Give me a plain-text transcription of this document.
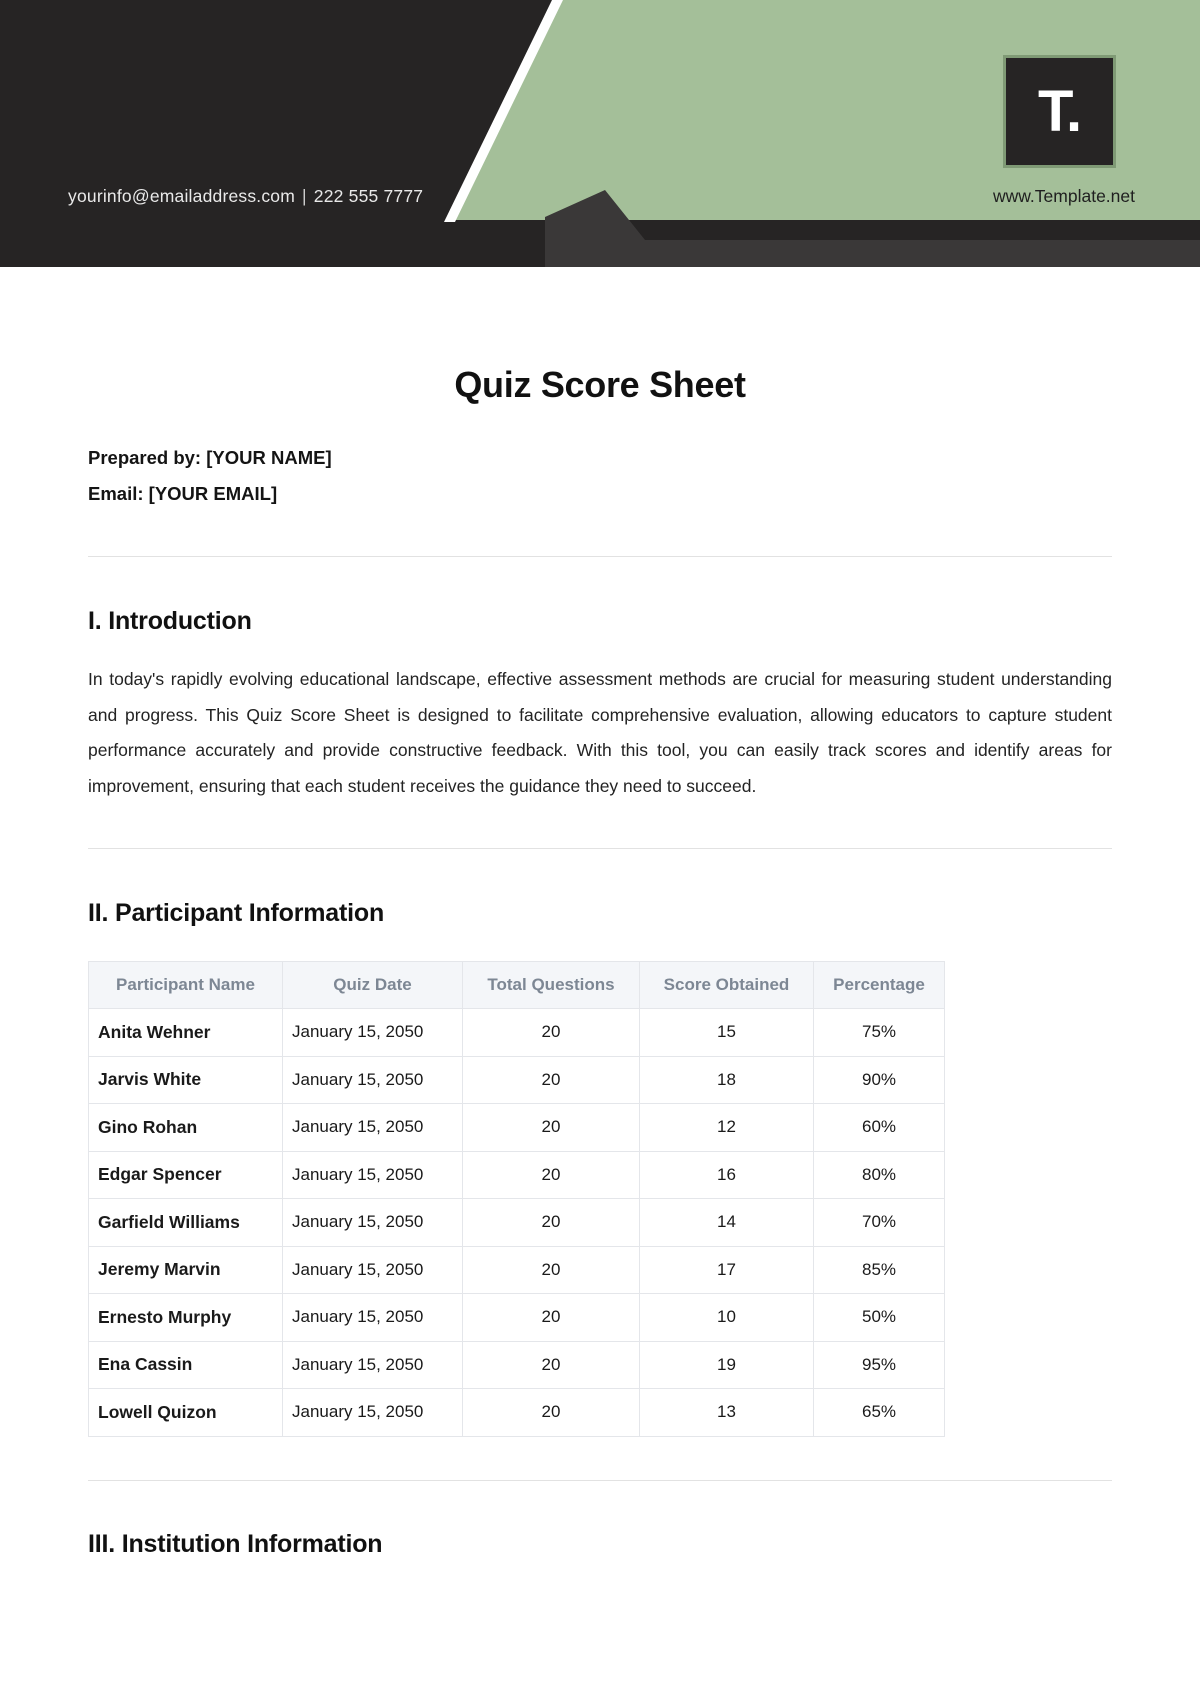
yourinfo@emailaddress.com | 222 555 7777
T.
www.Template.net
Quiz Score Sheet
Prepared by: [YOUR NAME]
Email: [YOUR EMAIL]
I. Introduction
In today's rapidly evolving educational landscape, effective assessment methods are crucial for measuring student understanding and progress. This Quiz Score Sheet is designed to facilitate comprehensive evaluation, allowing educators to capture student performance accurately and provide constructive feedback. With this tool, you can easily track scores and identify areas for improvement, ensuring that each student receives the guidance they need to succeed.
II. Participant Information
Participant Name	Quiz Date	Total Questions	Score Obtained	Percentage
Anita Wehner	January 15, 2050	20	15	75%
Jarvis White	January 15, 2050	20	18	90%
Gino Rohan	January 15, 2050	20	12	60%
Edgar Spencer	January 15, 2050	20	16	80%
Garfield Williams	January 15, 2050	20	14	70%
Jeremy Marvin	January 15, 2050	20	17	85%
Ernesto Murphy	January 15, 2050	20	10	50%
Ena Cassin	January 15, 2050	20	19	95%
Lowell Quizon	January 15, 2050	20	13	65%
III. Institution Information
